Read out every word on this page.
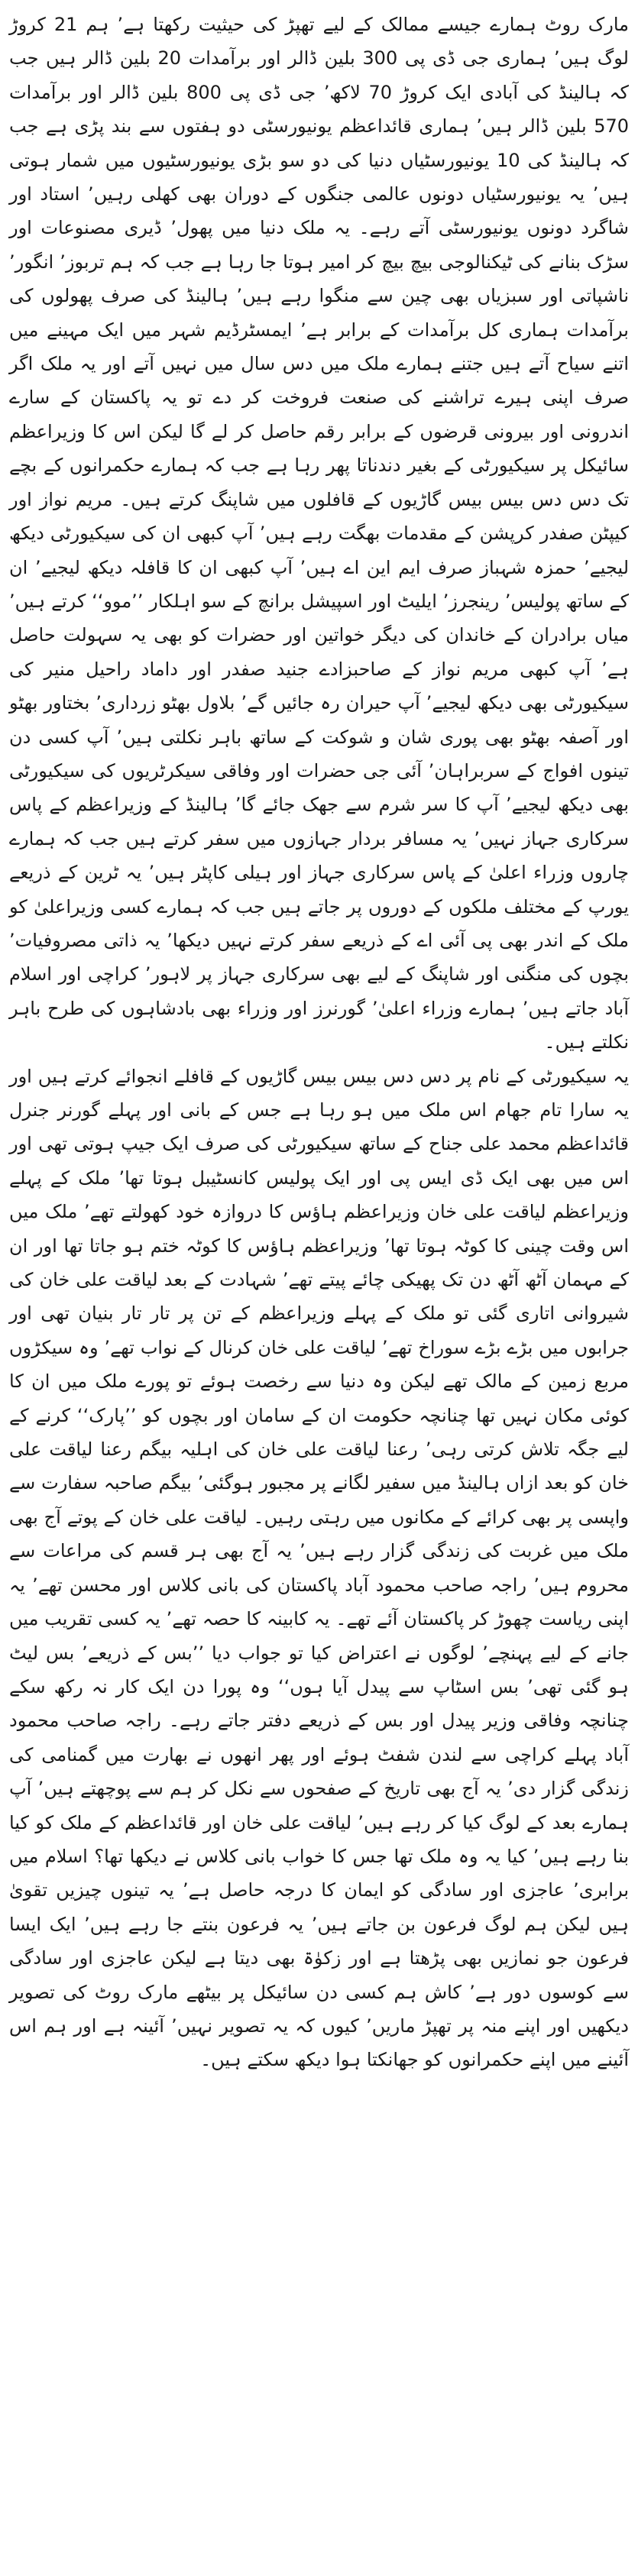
مارک روٹ ہمارے جیسے ممالک کے لیے تھپڑ کی حیثیت رکھتا ہے’ ہم 21 کروڑ لوگ ہیں’ ہماری جی ڈی پی 300 بلین ڈالر اور برآمدات 20 بلین ڈالر ہیں جب کہ ہالینڈ کی آبادی ایک کروڑ 70 لاکھ’ جی ڈی پی 800 بلین ڈالر اور برآمدات 570 بلین ڈالر ہیں’ ہماری قائداعظم یونیورسٹی دو ہفتوں سے بند پڑی ہے جب کہ ہالینڈ کی 10 یونیورسٹیاں دنیا کی دو سو بڑی یونیورسٹیوں میں شمار ہوتی ہیں’ یہ یونیورسٹیاں دونوں عالمی جنگوں کے دوران بھی کھلی رہیں’ استاد اور شاگرد دونوں یونیورسٹی آتے رہے۔ یہ ملک دنیا میں پھول’ ڈیری مصنوعات اور سڑک بنانے کی ٹیکنالوجی بیچ بیچ کر امیر ہوتا جا رہا ہے جب کہ ہم تربوز’ انگور’ ناشپاتی اور سبزیاں بھی چین سے منگوا رہے ہیں’ ہالینڈ کی صرف پھولوں کی برآمدات ہماری کل برآمدات کے برابر ہے’ ایمسٹرڈیم شہر میں ایک مہینے میں اتنے سیاح آتے ہیں جتنے ہمارے ملک میں دس سال میں نہیں آتے اور یہ ملک اگر صرف اپنی ہیرے تراشنے کی صنعت فروخت کر دے تو یہ پاکستان کے سارے اندرونی اور بیرونی قرضوں کے برابر رقم حاصل کر لے گا لیکن اس کا وزیراعظم سائیکل پر سیکیورٹی کے بغیر دندناتا پھر رہا ہے جب کہ ہمارے حکمرانوں کے بچے تک دس دس بیس بیس گاڑیوں کے قافلوں میں شاپنگ کرتے ہیں۔ مریم نواز اور کیپٹن صفدر کرپشن کے مقدمات بھگت رہے ہیں’ آپ کبھی ان کی سیکیورٹی دیکھ لیجیے’ حمزہ شہباز صرف ایم این اے ہیں’ آپ کبھی ان کا قافلہ دیکھ لیجیے’ ان کے ساتھ پولیس’ رینجرز’ ایلیٹ اور اسپیشل برانچ کے سو اہلکار ’’موو‘‘ کرتے ہیں’ میاں برادران کے خاندان کی دیگر خواتین اور حضرات کو بھی یہ سہولت حاصل ہے’ آپ کبھی مریم نواز کے صاحبزادے جنید صفدر اور داماد راحیل منیر کی سیکیورٹی بھی دیکھ لیجیے’ آپ حیران رہ جائیں گے’ بلاول بھٹو زرداری’ بختاور بھٹو اور آصفہ بھٹو بھی پوری شان و شوکت کے ساتھ باہر نکلتی ہیں’ آپ کسی دن تینوں افواج کے سربراہان’ آئی جی حضرات اور وفاقی سیکرٹریوں کی سیکیورٹی بھی دیکھ لیجیے’ آپ کا سر شرم سے جھک جائے گا’ ہالینڈ کے وزیراعظم کے پاس سرکاری جہاز نہیں’ یہ مسافر بردار جہازوں میں سفر کرتے ہیں جب کہ ہمارے چاروں وزراء اعلیٰ کے پاس سرکاری جہاز اور ہیلی کاپٹر ہیں’ یہ ٹرین کے ذریعے یورپ کے مختلف ملکوں کے دوروں پر جاتے ہیں جب کہ ہمارے کسی وزیراعلیٰ کو ملک کے اندر بھی پی آئی اے کے ذریعے سفر کرتے نہیں دیکھا’ یہ ذاتی مصروفیات’ بچوں کی منگنی اور شاپنگ کے لیے بھی سرکاری جہاز پر لاہور’ کراچی اور اسلام آباد جاتے ہیں’ ہمارے وزراء اعلیٰ’ گورنرز اور وزراء بھی بادشاہوں کی طرح باہر نکلتے ہیں۔

یہ سیکیورٹی کے نام پر دس دس بیس بیس گاڑیوں کے قافلے انجوائے کرتے ہیں اور یہ سارا تام جھام اس ملک میں ہو رہا ہے جس کے بانی اور پہلے گورنر جنرل قائداعظم محمد علی جناح کے ساتھ سیکیورٹی کی صرف ایک جیپ ہوتی تھی اور اس میں بھی ایک ڈی ایس پی اور ایک پولیس کانسٹیبل ہوتا تھا’ ملک کے پہلے وزیراعظم لیاقت علی خان وزیراعظم ہاؤس کا دروازہ خود کھولتے تھے’ ملک میں اس وقت چینی کا کوٹہ ہوتا تھا’ وزیراعظم ہاؤس کا کوٹہ ختم ہو جاتا تھا اور ان کے مہمان آٹھ آٹھ دن تک پھیکی چائے پیتے تھے’ شہادت کے بعد لیاقت علی خان کی شیروانی اتاری گئی تو ملک کے پہلے وزیراعظم کے تن پر تار تار بنیان تھی اور جرابوں میں بڑے بڑے سوراخ تھے’ لیاقت علی خان کرنال کے نواب تھے’ وہ سیکڑوں مربع زمین کے مالک تھے لیکن وہ دنیا سے رخصت ہوئے تو پورے ملک میں ان کا کوئی مکان نہیں تھا چنانچہ حکومت ان کے سامان اور بچوں کو ’’پارک‘‘ کرنے کے لیے جگہ تلاش کرتی رہی’ رعنا لیاقت علی خان کی اہلیہ بیگم رعنا لیاقت علی خان کو بعد ازاں ہالینڈ میں سفیر لگانے پر مجبور ہوگئی’ بیگم صاحبہ سفارت سے واپسی پر بھی کرائے کے مکانوں میں رہتی رہیں۔ لیاقت علی خان کے پوتے آج بھی ملک میں غربت کی زندگی گزار رہے ہیں’ یہ آج بھی ہر قسم کی مراعات سے محروم ہیں’ راجہ صاحب محمود آباد پاکستان کی بانی کلاس اور محسن تھے’ یہ اپنی ریاست چھوڑ کر پاکستان آئے تھے۔ یہ کابینہ کا حصہ تھے’ یہ کسی تقریب میں جانے کے لیے پہنچے’ لوگوں نے اعتراض کیا تو جواب دیا ’’بس کے ذریعے’ بس لیٹ ہو گئی تھی’ بس اسٹاپ سے پیدل آیا ہوں‘‘ وہ پورا دن ایک کار نہ رکھ سکے چنانچہ وفاقی وزیر پیدل اور بس کے ذریعے دفتر جاتے رہے۔ راجہ صاحب محمود آباد پہلے کراچی سے لندن شفٹ ہوئے اور پھر انھوں نے بھارت میں گمنامی کی زندگی گزار دی’ یہ آج بھی تاریخ کے صفحوں سے نکل کر ہم سے پوچھتے ہیں’ آپ ہمارے بعد کے لوگ کیا کر رہے ہیں’ لیاقت علی خان اور قائداعظم کے ملک کو کیا بنا رہے ہیں’ کیا یہ وہ ملک تھا جس کا خواب بانی کلاس نے دیکھا تھا؟ اسلام میں برابری’ عاجزی اور سادگی کو ایمان کا درجہ حاصل ہے’ یہ تینوں چیزیں تقویٰ ہیں لیکن ہم لوگ فرعون بن جاتے ہیں’ یہ فرعون بنتے جا رہے ہیں’ ایک ایسا فرعون جو نمازیں بھی پڑھتا ہے اور زکوٰۃ بھی دیتا ہے لیکن عاجزی اور سادگی سے کوسوں دور ہے’ کاش ہم کسی دن سائیکل پر بیٹھے مارک روٹ کی تصویر دیکھیں اور اپنے منہ پر تھپڑ ماریں’ کیوں کہ یہ تصویر نہیں’ آئینہ ہے اور ہم اس آئینے میں اپنے حکمرانوں کو جھانکتا ہوا دیکھ سکتے ہیں۔
